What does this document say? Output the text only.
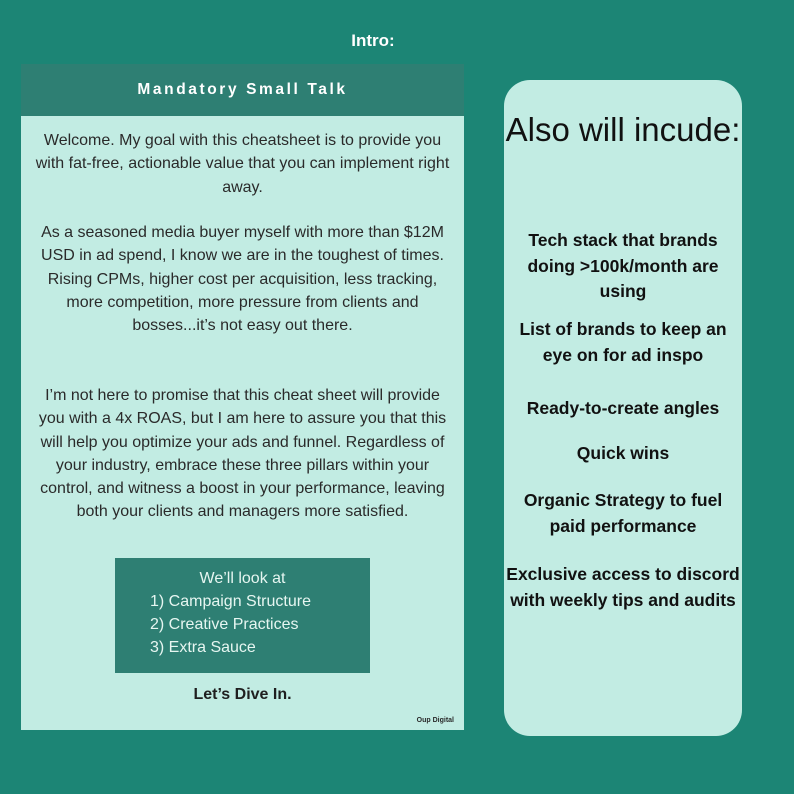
Intro:
Mandatory Small Talk

Welcome. My goal with this cheatsheet is to provide you with fat-free, actionable value that you can implement right away.

As a seasoned media buyer myself with more than $12M USD in ad spend, I know we are in the toughest of times. Rising CPMs, higher cost per acquisition, less tracking, more competition, more pressure from clients and bosses...it’s not easy out there.

I’m not here to promise that this cheat sheet will provide you with a 4x ROAS, but I am here to assure you that this will help you optimize your ads and funnel. Regardless of your industry, embrace these three pillars within your control, and witness a boost in your performance, leaving both your clients and managers more satisfied.

We’ll look at
1) Campaign Structure
2) Creative Practices
3) Extra Sauce
Let’s Dive In.
Oup Digital
Also will incude:

Tech stack that brands doing >100k/month are using

List of brands to keep an eye on for ad inspo

Ready-to-create angles

Quick wins

Organic Strategy to fuel paid performance

Exclusive access to discord with weekly tips and audits
